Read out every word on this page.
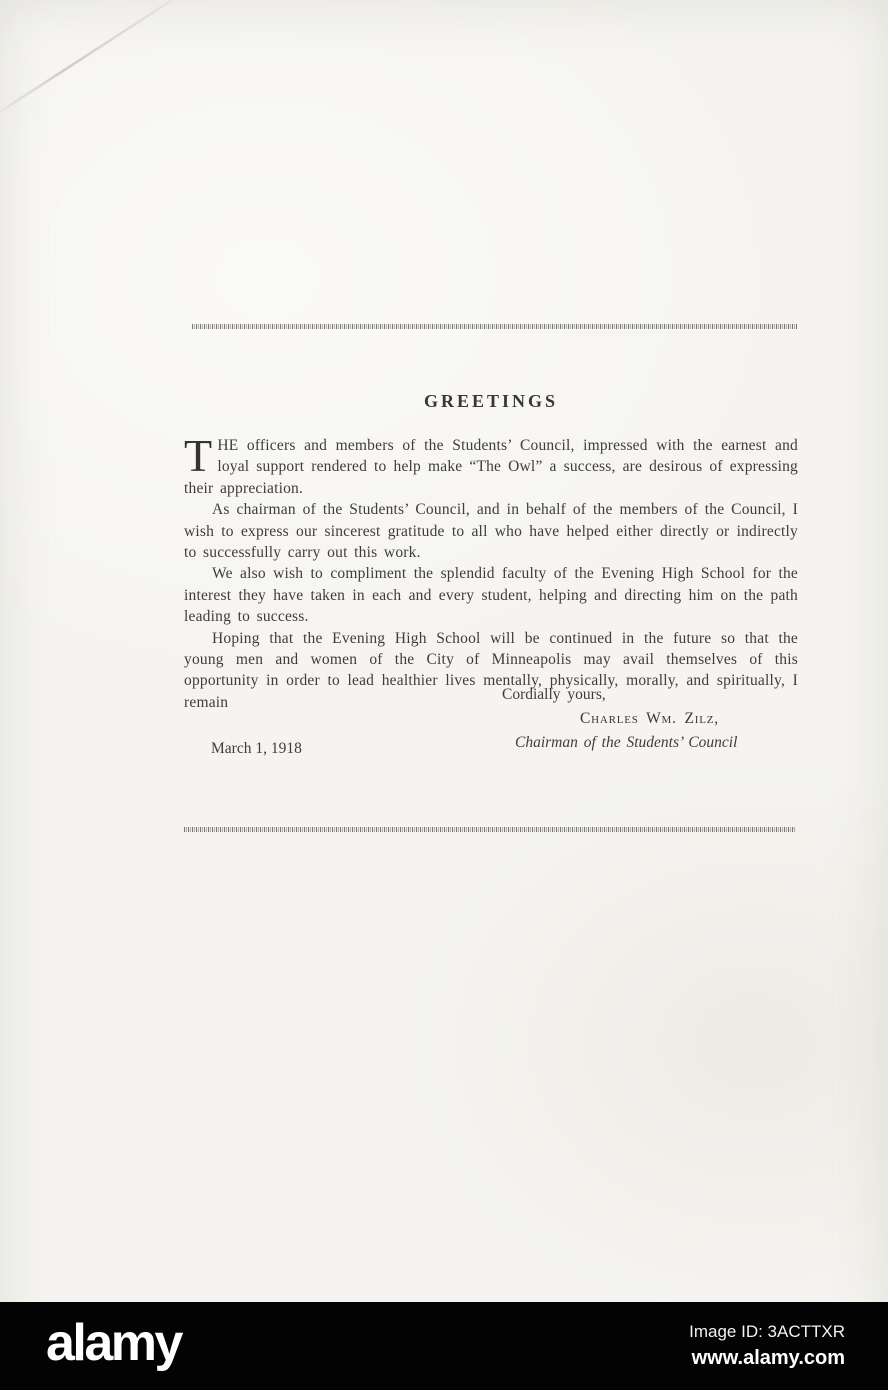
GREETINGS

THE officers and members of the Students’ Council, impressed with the earnest and loyal support rendered to help make “The Owl” a success, are desirous of expressing their appreciation.

As chairman of the Students’ Council, and in behalf of the members of the Council, I wish to express our sincerest gratitude to all who have helped either directly or indirectly to successfully carry out this work.

We also wish to compliment the splendid faculty of the Evening High School for the interest they have taken in each and every student, helping and directing him on the path leading to success.

Hoping that the Evening High School will be continued in the future so that the young men and women of the City of Minneapolis may avail themselves of this opportunity in order to lead healthier lives mentally, physically, morally, and spiritually, I remain	Cordially yours,
Charles Wm. Zilz,
Chairman of the Students’ Council
March 1, 1918
alamy	Image ID: 3ACTTXR
www.alamy.com
